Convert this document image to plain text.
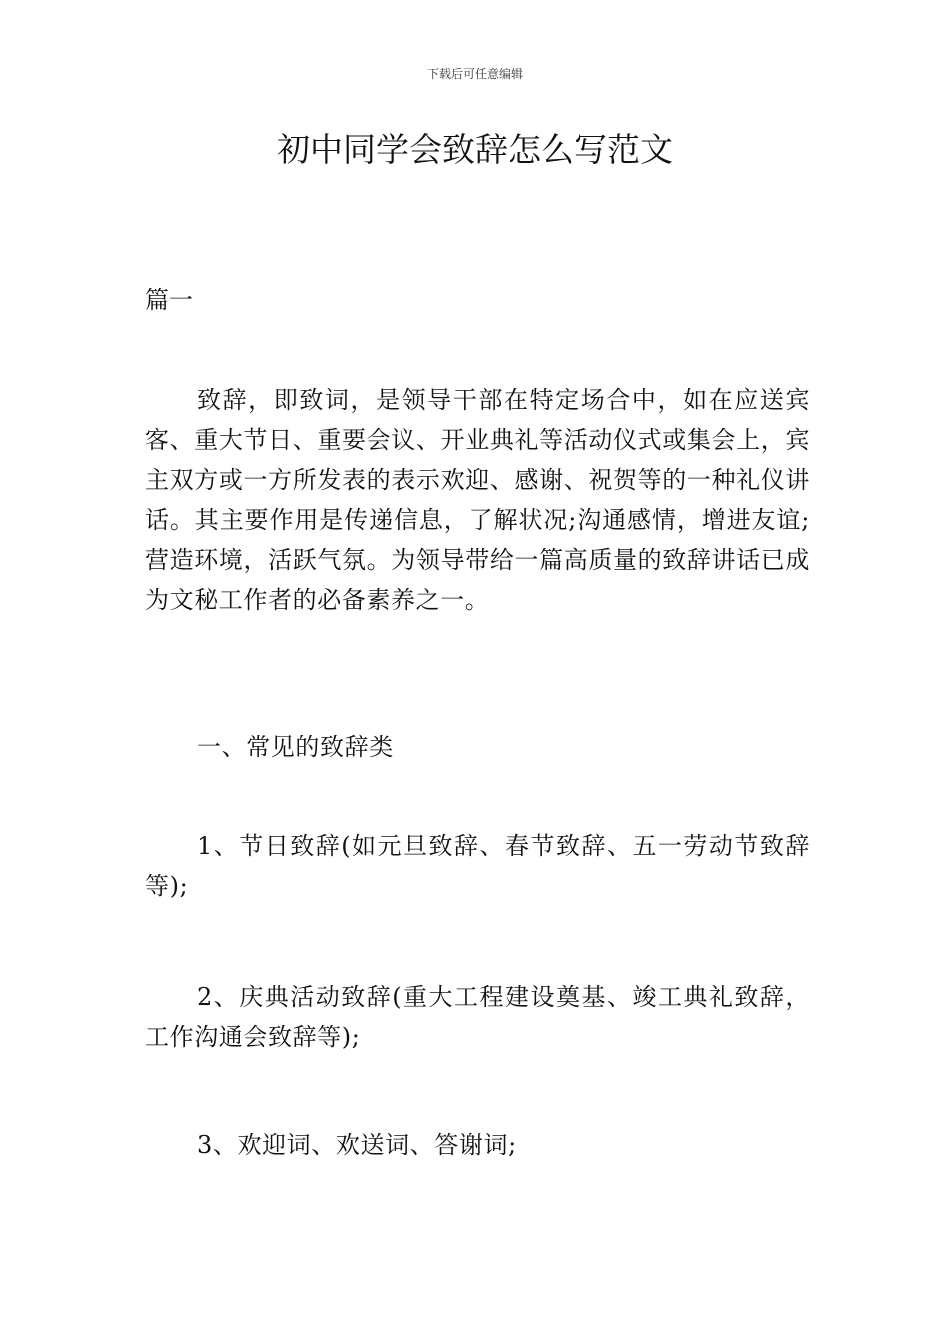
下载后可任意编辑
初中同学会致辞怎么写范文
篇一

致辞，即致词，是领导干部在特定场合中，如在应送宾客、重大节日、重要会议、开业典礼等活动仪式或集会上，宾主双方或一方所发表的表示欢迎、感谢、祝贺等的一种礼仪讲话。其主要作用是传递信息，了解状况;沟通感情，增进友谊;营造环境，活跃气氛。为领导带给一篇高质量的致辞讲话已成为文秘工作者的必备素养之一。

一、常见的致辞类

1、节日致辞(如元旦致辞、春节致辞、五一劳动节致辞等);

2、庆典活动致辞(重大工程建设奠基、竣工典礼致辞，工作沟通会致辞等);

3、欢迎词、欢送词、答谢词;
